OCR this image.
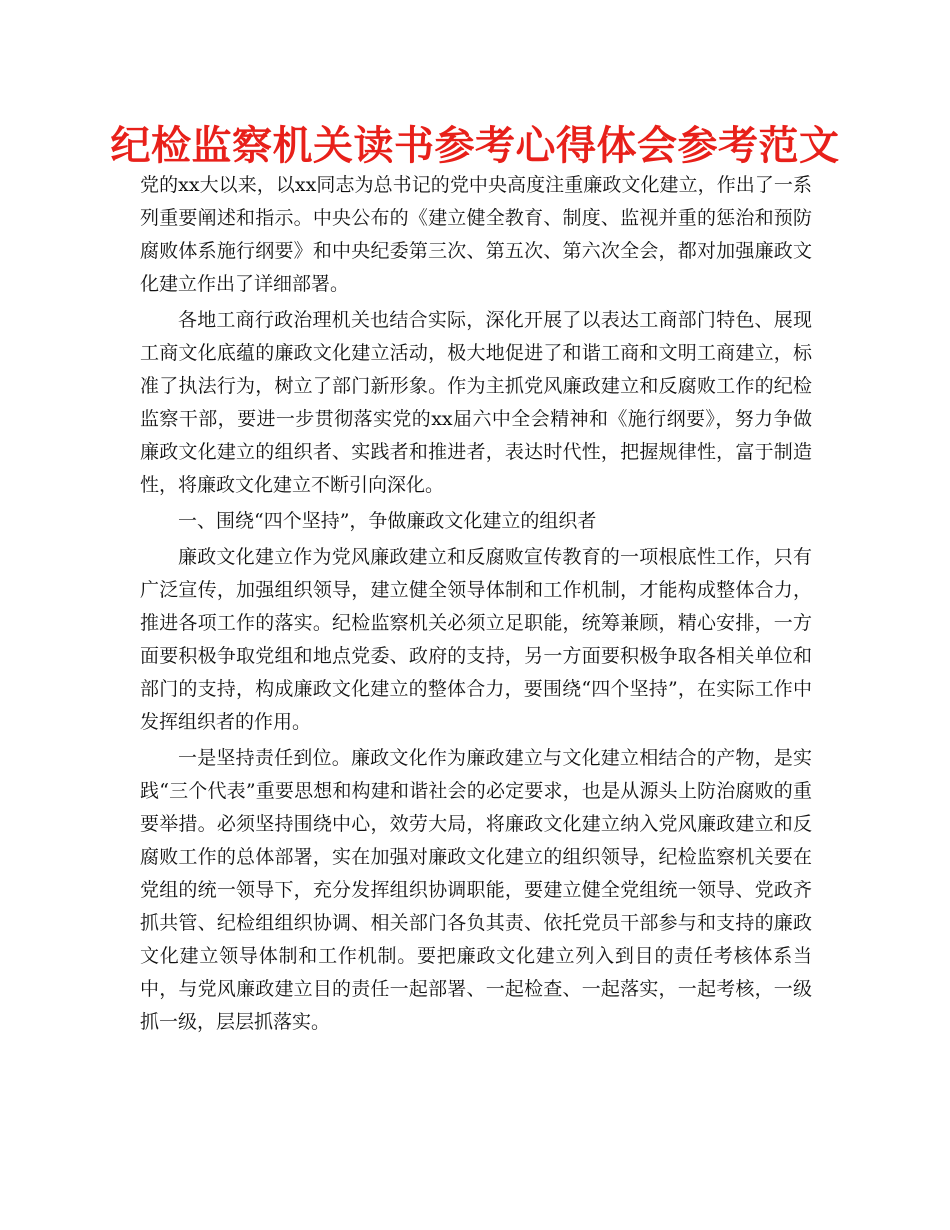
纪检监察机关读书参考心得体会参考范文

党的xx大以来，以xx同志为总书记的党中央高度注重廉政文化建立，作出了一系列重要阐述和指示。中央公布的《建立健全教育、制度、监视并重的惩治和预防腐败体系施行纲要》和中央纪委第三次、第五次、第六次全会，都对加强廉政文化建立作出了详细部署。

各地工商行政治理机关也结合实际，深化开展了以表达工商部门特色、展现工商文化底蕴的廉政文化建立活动，极大地促进了和谐工商和文明工商建立，标准了执法行为，树立了部门新形象。作为主抓党风廉政建立和反腐败工作的纪检监察干部，要进一步贯彻落实党的xx届六中全会精神和《施行纲要》，努力争做廉政文化建立的组织者、实践者和推进者，表达时代性，把握规律性，富于制造性，将廉政文化建立不断引向深化。

一、围绕“四个坚持”，争做廉政文化建立的组织者

廉政文化建立作为党风廉政建立和反腐败宣传教育的一项根底性工作，只有广泛宣传，加强组织领导，建立健全领导体制和工作机制，才能构成整体合力，推进各项工作的落实。纪检监察机关必须立足职能，统筹兼顾，精心安排，一方面要积极争取党组和地点党委、政府的支持，另一方面要积极争取各相关单位和部门的支持，构成廉政文化建立的整体合力，要围绕“四个坚持”，在实际工作中发挥组织者的作用。

一是坚持责任到位。廉政文化作为廉政建立与文化建立相结合的产物，是实践“三个代表”重要思想和构建和谐社会的必定要求，也是从源头上防治腐败的重要举措。必须坚持围绕中心，效劳大局，将廉政文化建立纳入党风廉政建立和反腐败工作的总体部署，实在加强对廉政文化建立的组织领导，纪检监察机关要在党组的统一领导下，充分发挥组织协调职能，要建立健全党组统一领导、党政齐抓共管、纪检组组织协调、相关部门各负其责、依托党员干部参与和支持的廉政文化建立领导体制和工作机制。要把廉政文化建立列入到目的责任考核体系当中，与党风廉政建立目的责任一起部署、一起检查、一起落实，一起考核，一级抓一级，层层抓落实。
